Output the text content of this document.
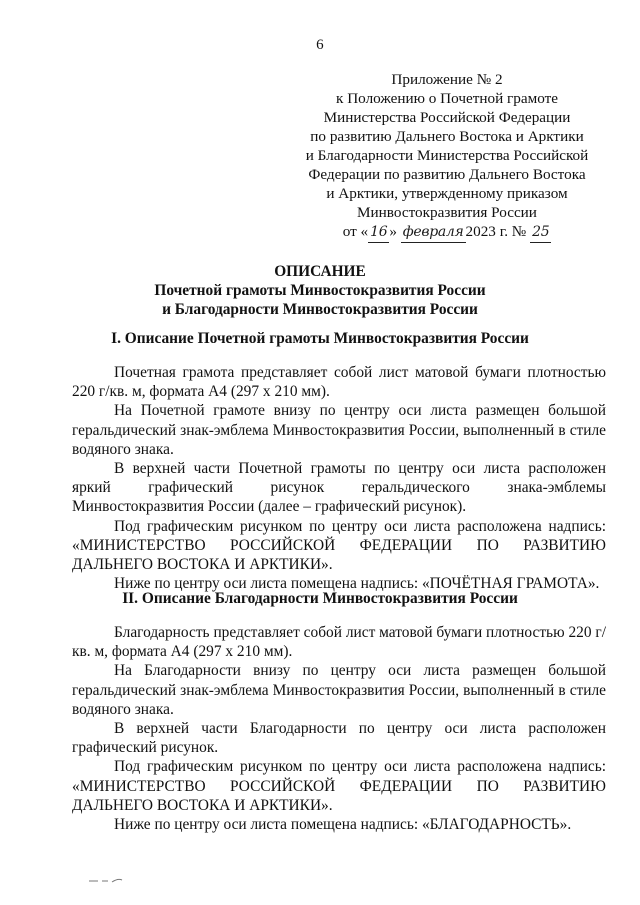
6
Приложение № 2
к Положению о Почетной грамоте
Министерства Российской Федерации
по развитию Дальнего Востока и Арктики
и Благодарности Министерства Российской
Федерации по развитию Дальнего Востока
и Арктики, утвержденному приказом
Минвостокразвития России
от « 16 » февраля 2023 г. № 25
ОПИСАНИЕ
Почетной грамоты Минвостокразвития России
и Благодарности Минвостокразвития России
I. Описание Почетной грамоты Минвостокразвития России

Почетная грамота представляет собой лист матовой бумаги плотностью 220 г/кв. м, формата А4 (297 х 210 мм).

На Почетной грамоте внизу по центру оси листа размещен большой геральдический знак-эмблема Минвостокразвития России, выполненный в стиле водяного знака.

В верхней части Почетной грамоты по центру оси листа расположен яркий графический рисунок геральдического знака-эмблемы Минвостокразвития России (далее – графический рисунок).

Под графическим рисунком по центру оси листа расположена надпись: «МИНИСТЕРСТВО РОССИЙСКОЙ ФЕДЕРАЦИИ ПО РАЗВИТИЮ ДАЛЬНЕГО ВОСТОКА И АРКТИКИ».

Ниже по центру оси листа помещена надпись: «ПОЧЁТНАЯ ГРАМОТА».

II. Описание Благодарности Минвостокразвития России

Благодарность представляет собой лист матовой бумаги плотностью 220 г/кв. м, формата А4 (297 х 210 мм).

На Благодарности внизу по центру оси листа размещен большой геральдический знак-эмблема Минвостокразвития России, выполненный в стиле водяного знака.

В верхней части Благодарности по центру оси листа расположен графический рисунок.

Под графическим рисунком по центру оси листа расположена надпись: «МИНИСТЕРСТВО РОССИЙСКОЙ ФЕДЕРАЦИИ ПО РАЗВИТИЮ ДАЛЬНЕГО ВОСТОКА И АРКТИКИ».

Ниже по центру оси листа помещена надпись: «БЛАГОДАРНОСТЬ».
